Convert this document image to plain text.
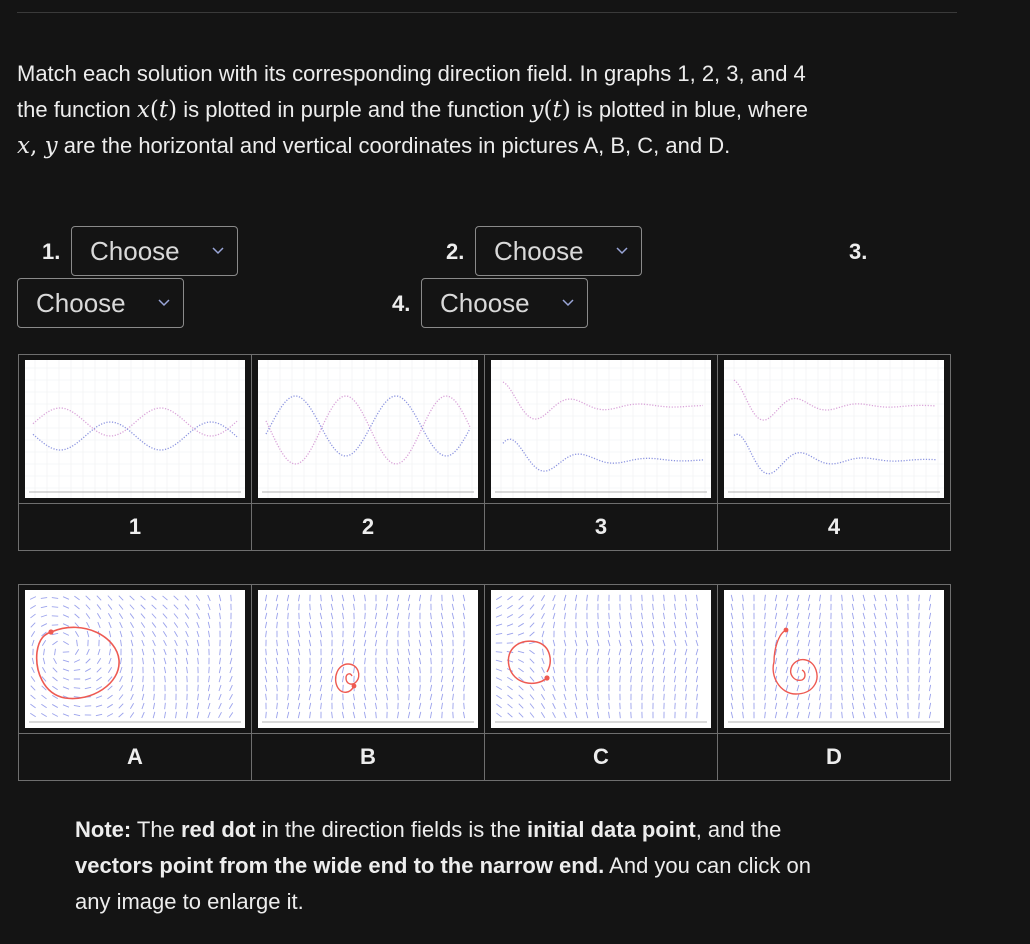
Match each solution with its corresponding direction field. In graphs 1, 2, 3, and 4
the function x(t) is plotted in purple and the function y(t) is plotted in blue, where
x, y are the horizontal and vertical coordinates in pictures A, B, C, and D.
1. Choose	2. Choose	3.
Choose	4. Choose

1	2	3	4

A	B	C	D
Note: The red dot in the direction fields is the initial data point, and the
vectors point from the wide end to the narrow end. And you can click on
any image to enlarge it.
